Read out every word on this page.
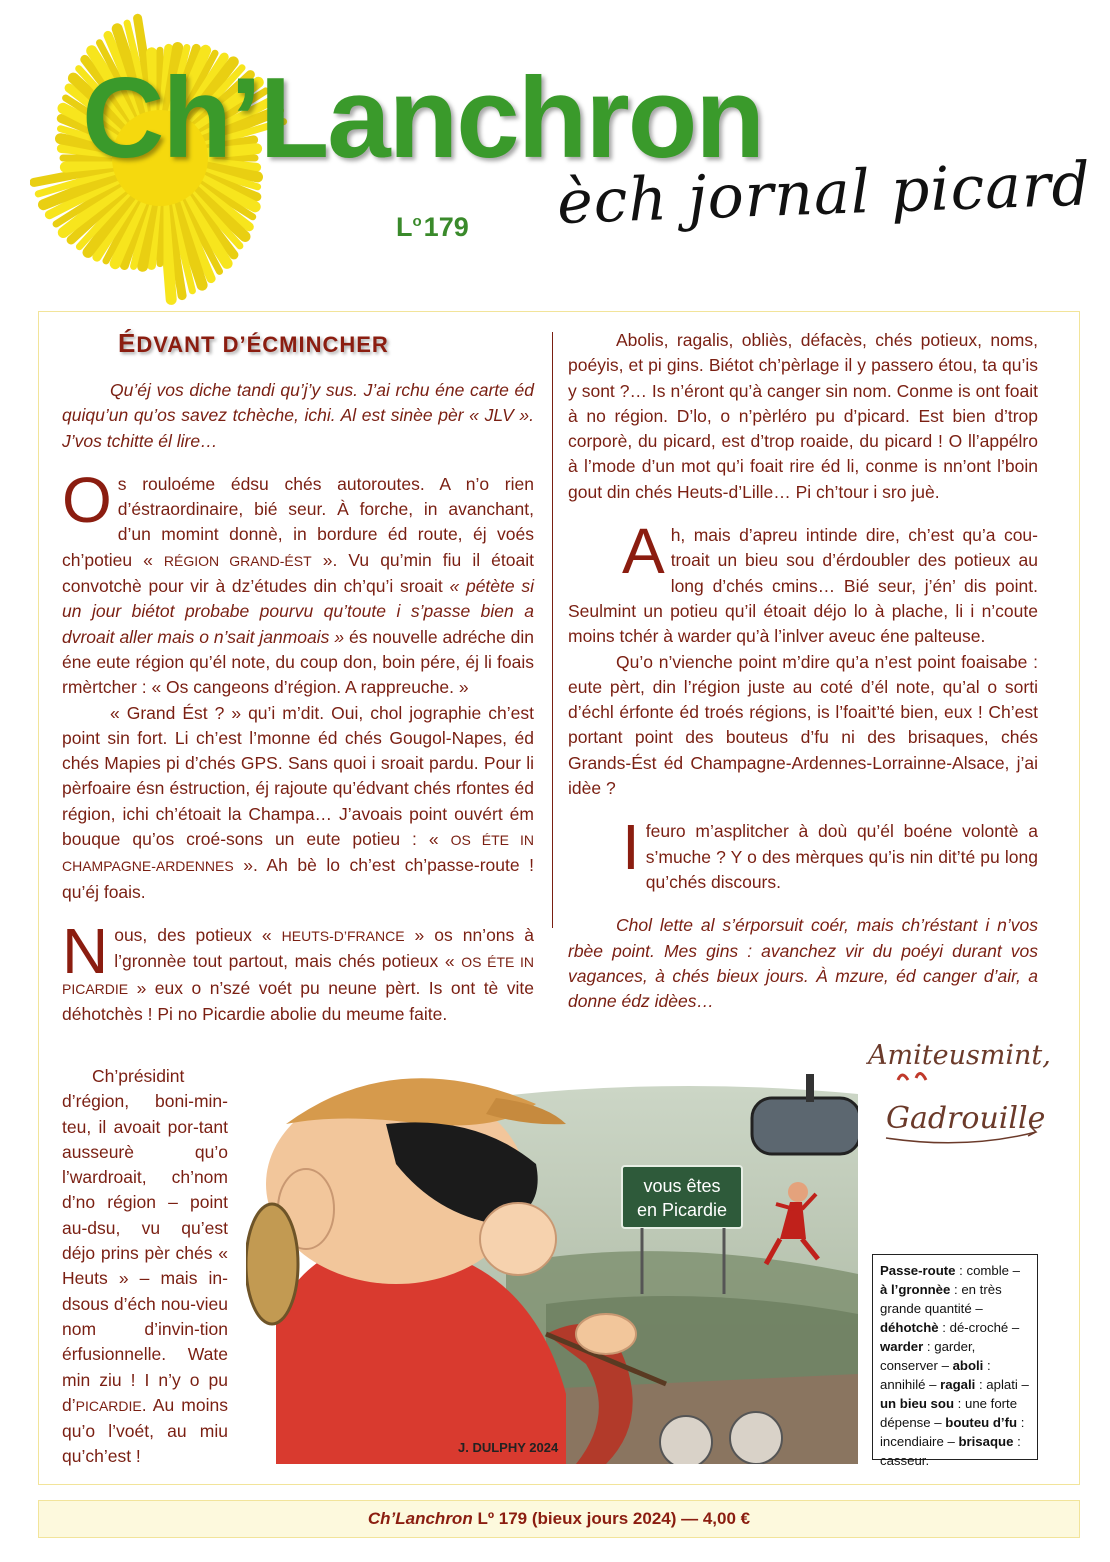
Ch’Lanchron
$L^o179$ èch jornal picard
ÉDVANT D’ÉCMINCHER

Qu’éj vos diche tandi qu’j’y sus. J’ai rchu éne carte éd quiqu’un qu’os savez tchèche, ichi. Al est sinèe pèr « JLV ». J’vos tchitte él lire…

Os rouloéme édsu chés autoroutes. A n’o rien d’éstraordinaire, bié seur. À forche, in avanchant, d’un momint donnè, in bordure éd route, éj voés ch’potieu « RÉGION GRAND-ÉST ». Vu qu’min fiu il étoait convotchè pour vir à dz’études din ch’qu’i sroait « pétète si un jour biétot probabe pourvu qu’toute i s’passe bien a dvroait aller mais o n’sait janmoais » és nouvelle adréche din éne eute région qu’él note, du coup don, boin pére, éj li foais rmèrtcher : « Os cangeons d’région. A rappreuche. »

« Grand Ést ? » qu’i m’dit. Oui, chol jographie ch’est point sin fort. Li ch’est l’monne éd chés Gougol-Napes, éd chés Mapies pi d’chés GPS. Sans quoi i sroait pardu. Pour li pèrfoaire ésn éstruction, éj rajoute qu’édvant chés rfontes éd région, ichi ch’étoait la Champa… J’avoais point ouvért ém bouque qu’os croé-sons un eute potieu : « OS ÉTE IN CHAMPAGNE-ARDENNES ». Ah bè lo ch’est ch’passe-route ! qu’éj foais.

Nous, des potieux « HEUTS-D’FRANCE » os nn’ons à l’gronnèe tout partout, mais chés potieux « OS ÉTE IN PICARDIE » eux o n’szé voét pu neune pèrt. Is ont tè vite déhotchès ! Pi no Picardie abolie du meume faite.

Ch’présidint d’région, boni-min-teu, il avoait por-tant ausseurè qu’o l’wardroait, ch’nom d’no région – point au-dsu, vu qu’est déjo prins pèr chés « Heuts » – mais in-dsous d’éch nou-vieu nom d’invin-tion érfusionnelle. Wate min ziu ! I n’y o pu d’PICARDIE. Au moins qu’o l’voét, au miu qu’ch’est !

Abolis, ragalis, obliès, défacès, chés potieux, noms, poéyis, et pi gins. Biétot ch’pèrlage il y passero étou, ta qu’is y sont ?… Is n’éront qu’à canger sin nom. Conme is ont foait à no région. D’lo, o n’pèrléro pu d’picard. Est bien d’trop corporè, du picard, est d’trop roaide, du picard ! O ll’appélro à l’mode d’un mot qu’i foait rire éd li, conme is nn’ont l’boin gout din chés Heuts-d’Lille… Pi ch’tour i sro juè.

Ah, mais d’apreu intinde dire, ch’est qu’a cou-troait un bieu sou d’érdoubler des potieux au long d’chés cmins… Bié seur, j’én’ dis point. Seulmint un potieu qu’il étoait déjo lo à plache, li i n’coute moins tchér à warder qu’à l’inlver aveuc éne palteuse.

Qu’o n’vienche point m’dire qu’a n’est point foaisabe : eute pèrt, din l’région juste au coté d’él note, qu’al o sorti d’échl érfonte éd troés régions, is l’foait’té bien, eux ! Ch’est portant point des bouteus d’fu ni des brisaques, chés Grands-Ést éd Champagne-Ardennes-Lorrainne-Alsace, j’ai idèe ?

Ifeuro m’asplitcher à doù qu’él boéne volontè a s’muche ? Y o des mèrques qu’is nin dit’té pu long qu’chés discours.

Chol lette al s’érporsuit coér, mais ch’réstant i n’vos rbèe point. Mes gins : avanchez vir du poéyi durant vos vagances, à chés bieux jours. À mzure, éd canger d’air, a donne édz idèes…

Amiteusmint,
Gadrouille
vous êtes
en Picardie
J. DULPHY 2024
Passe-route : comble – à l’gronnèe : en très grande quantité – déhotchè : dé-croché – warder : garder, conserver – aboli : annihilé – ragali : aplati – un bieu sou : une forte dépense – bouteu d’fu : incendiaire – brisaque : casseur.
Ch’Lanchron Lº 179 (bieux jours 2024) — 4,00 €
